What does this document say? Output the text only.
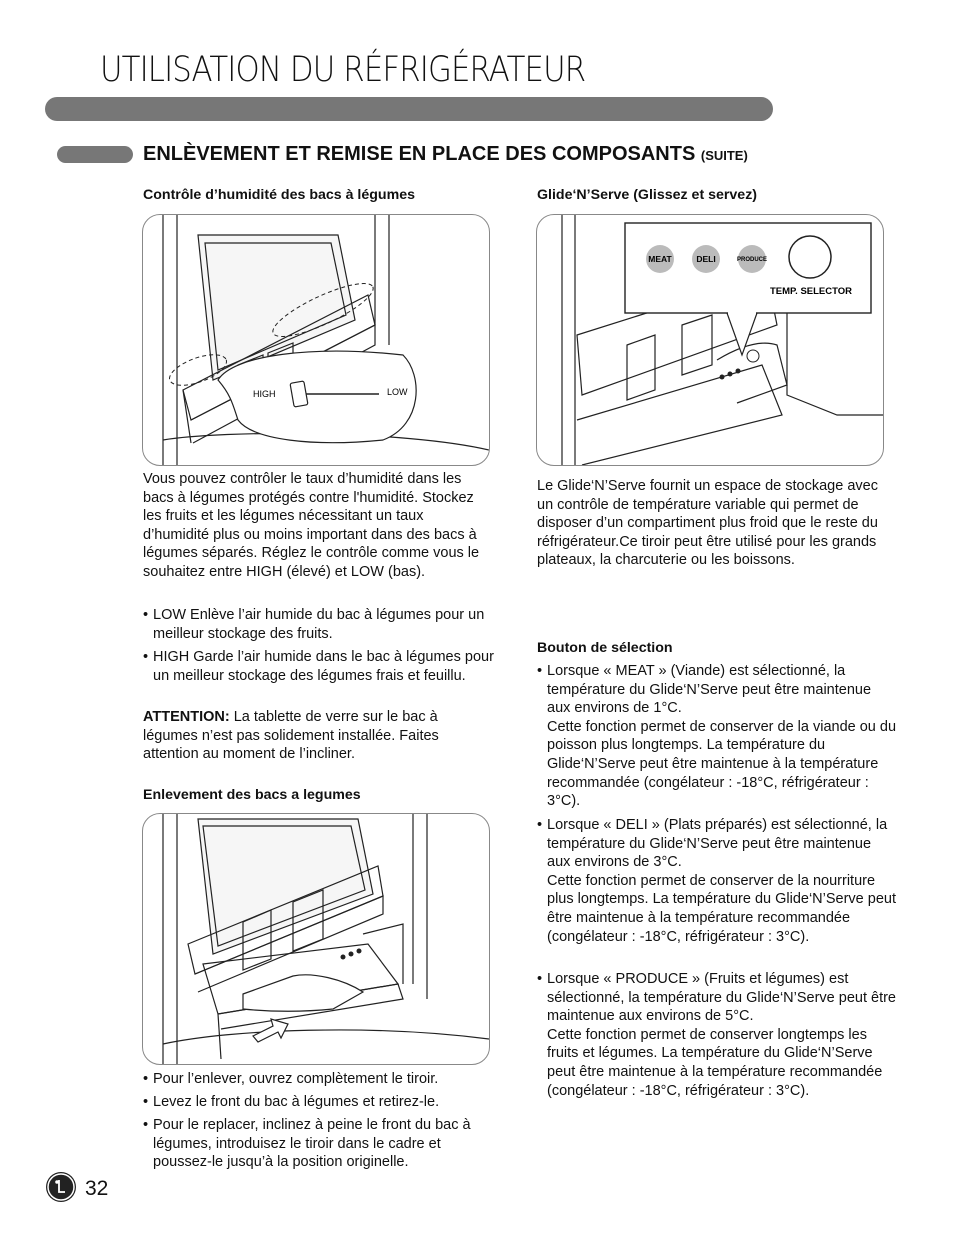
UTILISATION DU RÉFRIGÉRATEUR
ENLÈVEMENT ET REMISE EN PLACE DES COMPOSANTS (SUITE)
Contrôle d’humidité des bacs à légumes
HIGH	LOW
Vous pouvez contrôler le taux d’humidité dans les bacs à légumes protégés contre l'humidité. Stockez les fruits et les légumes nécessitant un taux d’humidité plus ou moins important dans des bacs à légumes séparés. Réglez le contrôle comme vous le souhaitez entre HIGH (élevé) et LOW (bas).
• LOW Enlève l’air humide du bac à légumes pour un meilleur stockage des fruits.
• HIGH Garde l’air humide dans le bac à légumes pour un meilleur stockage des légumes frais et feuillu.
ATTENTION: La tablette de verre sur le bac à légumes n’est pas solidement installée. Faites attention au moment de l’incliner.
Enlevement des bacs a legumes
• Pour l’enlever, ouvrez complètement le tiroir.
• Levez le front du bac à légumes et retirez-le.
• Pour le replacer, inclinez à peine le front du bac à légumes, introduisez le tiroir dans le cadre et poussez-le jusqu’à la position originelle.
Glide‘N’Serve (Glissez et servez)
MEAT	DELI	PRODUCE
TEMP. SELECTOR
Le Glide‘N’Serve fournit un espace de stockage avec un contrôle de température variable qui permet de disposer d’un compartiment plus froid que le reste du réfrigérateur.Ce tiroir peut être utilisé pour les grands plateaux, la charcuterie ou les boissons.
Bouton de sélection
• Lorsque « MEAT » (Viande) est sélectionné, la température du Glide‘N’Serve peut être maintenue aux environs de 1°C.
Cette fonction permet de conserver de la viande ou du poisson plus longtemps. La température du Glide‘N’Serve peut être maintenue à la température recommandée (congélateur : -18°C, réfrigérateur : 3°C).
• Lorsque « DELI » (Plats préparés) est sélectionné, la température du Glide‘N’Serve peut être maintenue aux environs de 3°C.
Cette fonction permet de conserver de la nourriture plus longtemps. La température du Glide‘N’Serve peut être maintenue à la température recommandée (congélateur : -18°C, réfrigérateur : 3°C).
• Lorsque « PRODUCE » (Fruits et légumes) est sélectionné, la température du Glide‘N’Serve peut être maintenue aux environs de 5°C.
Cette fonction permet de conserver longtemps les fruits et légumes. La température du Glide‘N’Serve peut être maintenue à la température recommandée (congélateur : -18°C, réfrigérateur : 3°C).
32
